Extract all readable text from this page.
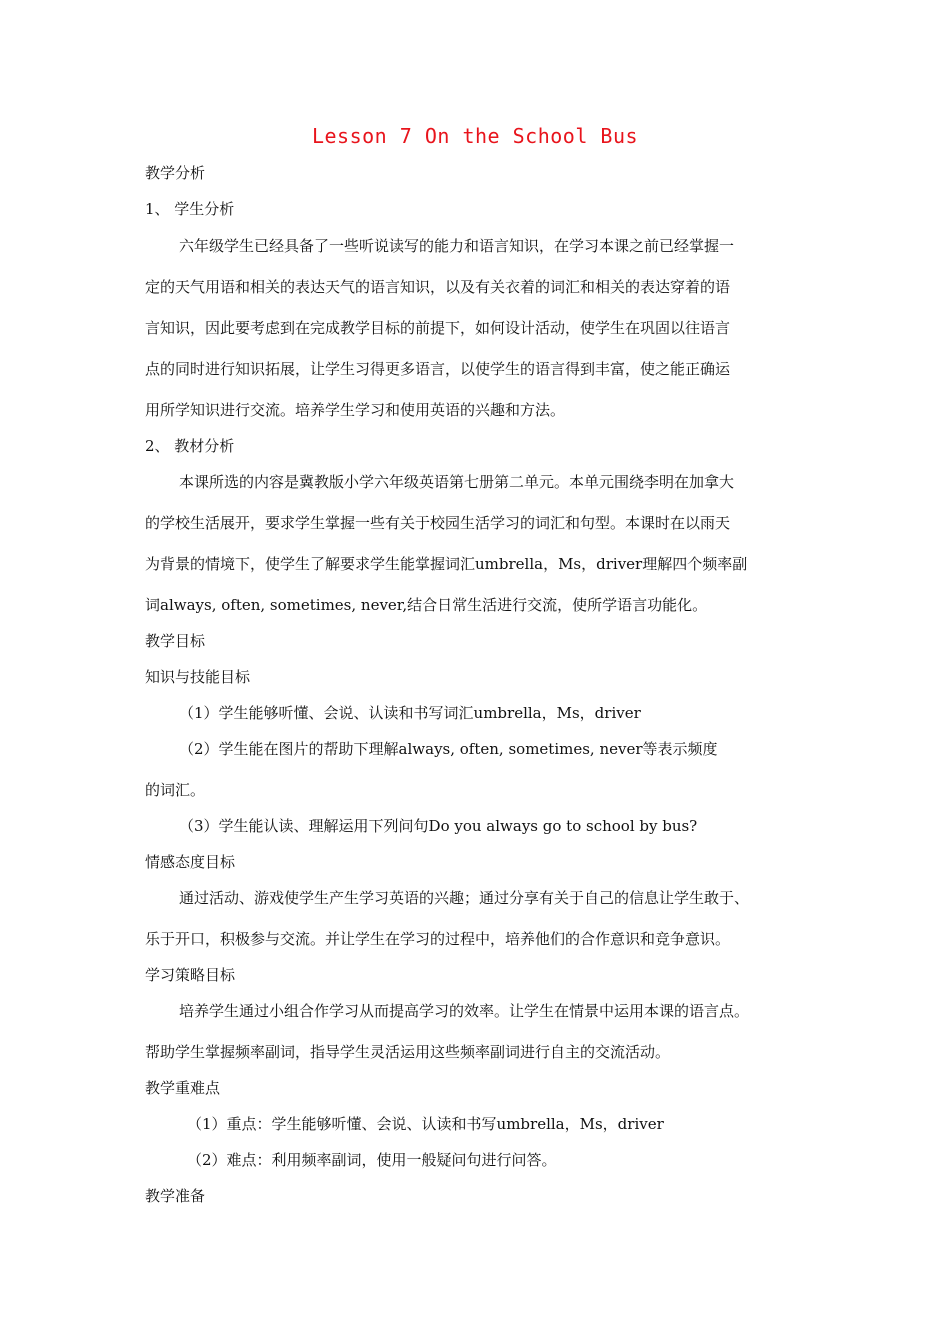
Lesson 7 On the School Bus
教学分析
1、 学生分析
六年级学生已经具备了一些听说读写的能力和语言知识，在学习本课之前已经掌握一
定的天气用语和相关的表达天气的语言知识，以及有关衣着的词汇和相关的表达穿着的语
言知识，因此要考虑到在完成教学目标的前提下，如何设计活动，使学生在巩固以往语言
点的同时进行知识拓展，让学生习得更多语言，以使学生的语言得到丰富，使之能正确运
用所学知识进行交流。培养学生学习和使用英语的兴趣和方法。
2、 教材分析
本课所选的内容是冀教版小学六年级英语第七册第二单元。本单元围绕李明在加拿大
的学校生活展开，要求学生掌握一些有关于校园生活学习的词汇和句型。本课时在以雨天
为背景的情境下，使学生了解要求学生能掌握词汇umbrella，Ms，driver理解四个频率副
词always, often, sometimes, never,结合日常生活进行交流，使所学语言功能化。
教学目标
知识与技能目标
（1）学生能够听懂、会说、认读和书写词汇umbrella，Ms，driver
（2）学生能在图片的帮助下理解always, often, sometimes, never等表示频度
的词汇。
（3）学生能认读、理解运用下列问句Do you always go to school by bus?
情感态度目标
通过活动、游戏使学生产生学习英语的兴趣；通过分享有关于自己的信息让学生敢于、
乐于开口，积极参与交流。并让学生在学习的过程中，培养他们的合作意识和竞争意识。
学习策略目标
培养学生通过小组合作学习从而提高学习的效率。让学生在情景中运用本课的语言点。
帮助学生掌握频率副词，指导学生灵活运用这些频率副词进行自主的交流活动。
教学重难点
（1）重点：学生能够听懂、会说、认读和书写umbrella，Ms，driver
（2）难点：利用频率副词，使用一般疑问句进行问答。
教学准备
